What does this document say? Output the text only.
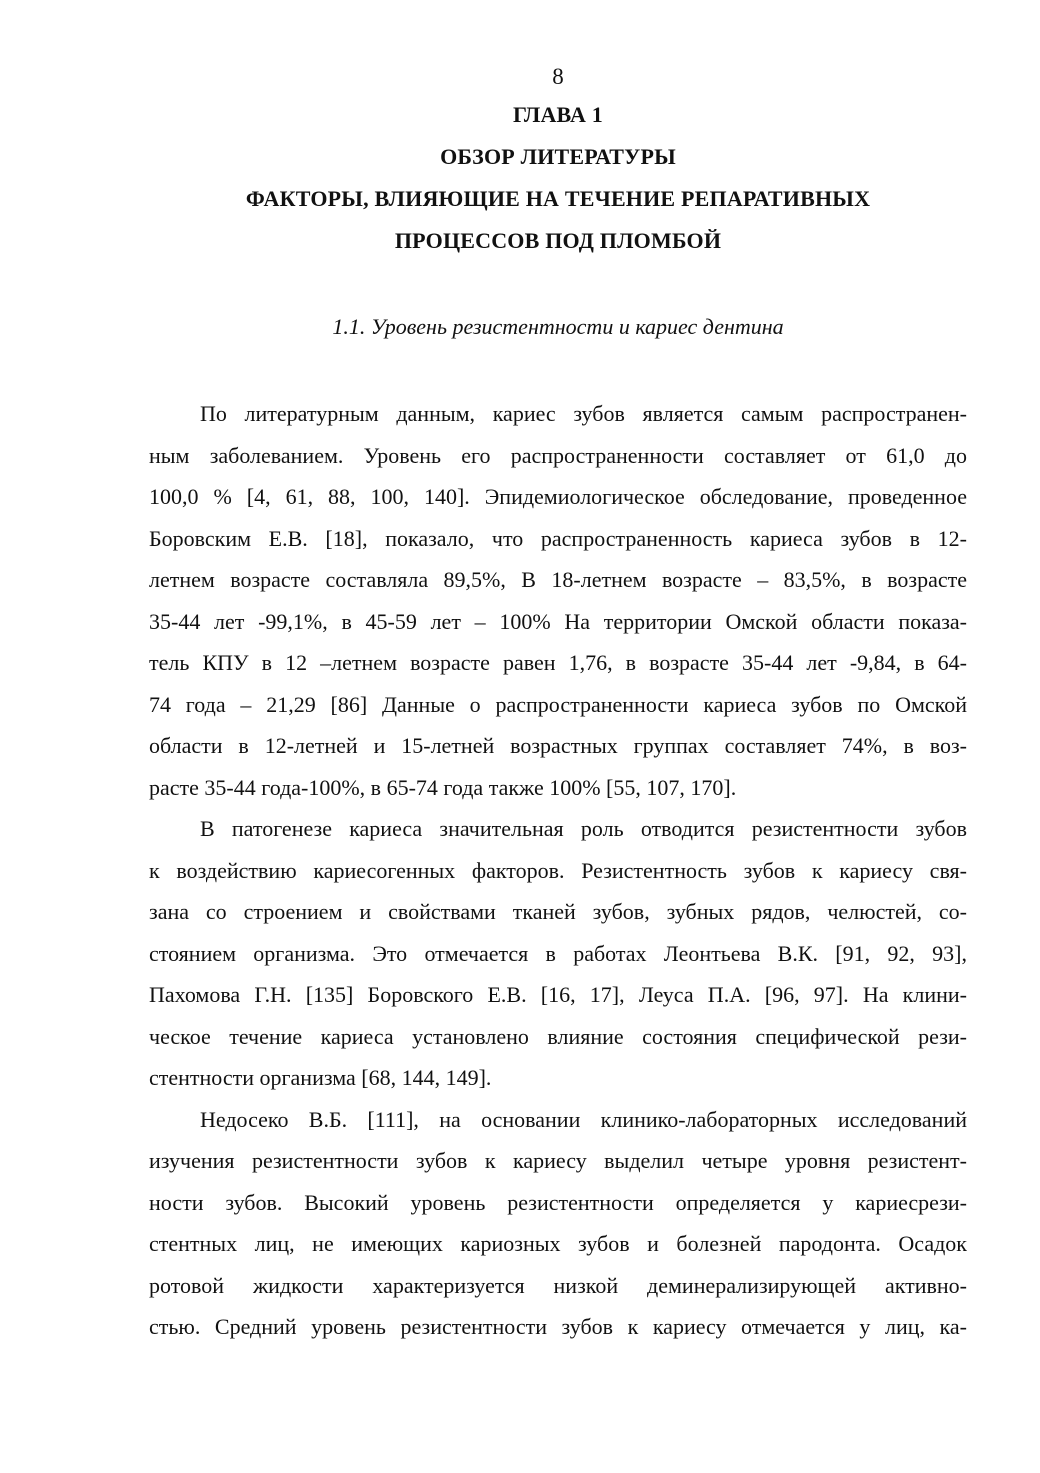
8
ГЛАВА 1
ОБЗОР ЛИТЕРАТУРЫ
ФАКТОРЫ, ВЛИЯЮЩИЕ НА ТЕЧЕНИЕ РЕПАРАТИВНЫХ
ПРОЦЕССОВ ПОД ПЛОМБОЙ
1.1. Уровень резистентности и кариес дентина
По литературным данным, кариес зубов является самым распространен-
ным заболеванием. Уровень его распространенности составляет от 61,0 до
100,0 % [4, 61, 88, 100, 140]. Эпидемиологическое обследование, проведенное
Боровским Е.В. [18], показало, что распространенность кариеса зубов в 12-
летнем возрасте составляла 89,5%, В 18-летнем возрасте – 83,5%, в возрасте
35-44 лет -99,1%, в 45-59 лет – 100% На территории Омской области показа-
тель КПУ в 12 –летнем возрасте равен 1,76, в возрасте 35-44 лет -9,84, в 64-
74 года – 21,29 [86] Данные о распространенности кариеса зубов по Омской
области в 12-летней и 15-летней возрастных группах составляет 74%, в воз-
расте 35-44 года-100%, в 65-74 года также 100% [55, 107, 170].
В патогенезе кариеса значительная роль отводится резистентности зубов
к воздействию кариесогенных факторов. Резистентность зубов к кариесу свя-
зана со строением и свойствами тканей зубов, зубных рядов, челюстей, со-
стоянием организма. Это отмечается в работах Леонтьева В.К. [91, 92, 93],
Пахомова Г.Н. [135] Боровского Е.В. [16, 17], Леуса П.А. [96, 97]. На клини-
ческое течение кариеса установлено влияние состояния специфической рези-
стентности организма [68, 144, 149].
Недосеко В.Б. [111], на основании клинико-лабораторных исследований
изучения резистентности зубов к кариесу выделил четыре уровня резистент-
ности зубов. Высокий уровень резистентности определяется у кариесрези-
стентных лиц, не имеющих кариозных зубов и болезней пародонта. Осадок
ротовой жидкости характеризуется низкой деминерализирующей активно-
стью. Средний уровень резистентности зубов к кариесу отмечается у лиц, ка-
